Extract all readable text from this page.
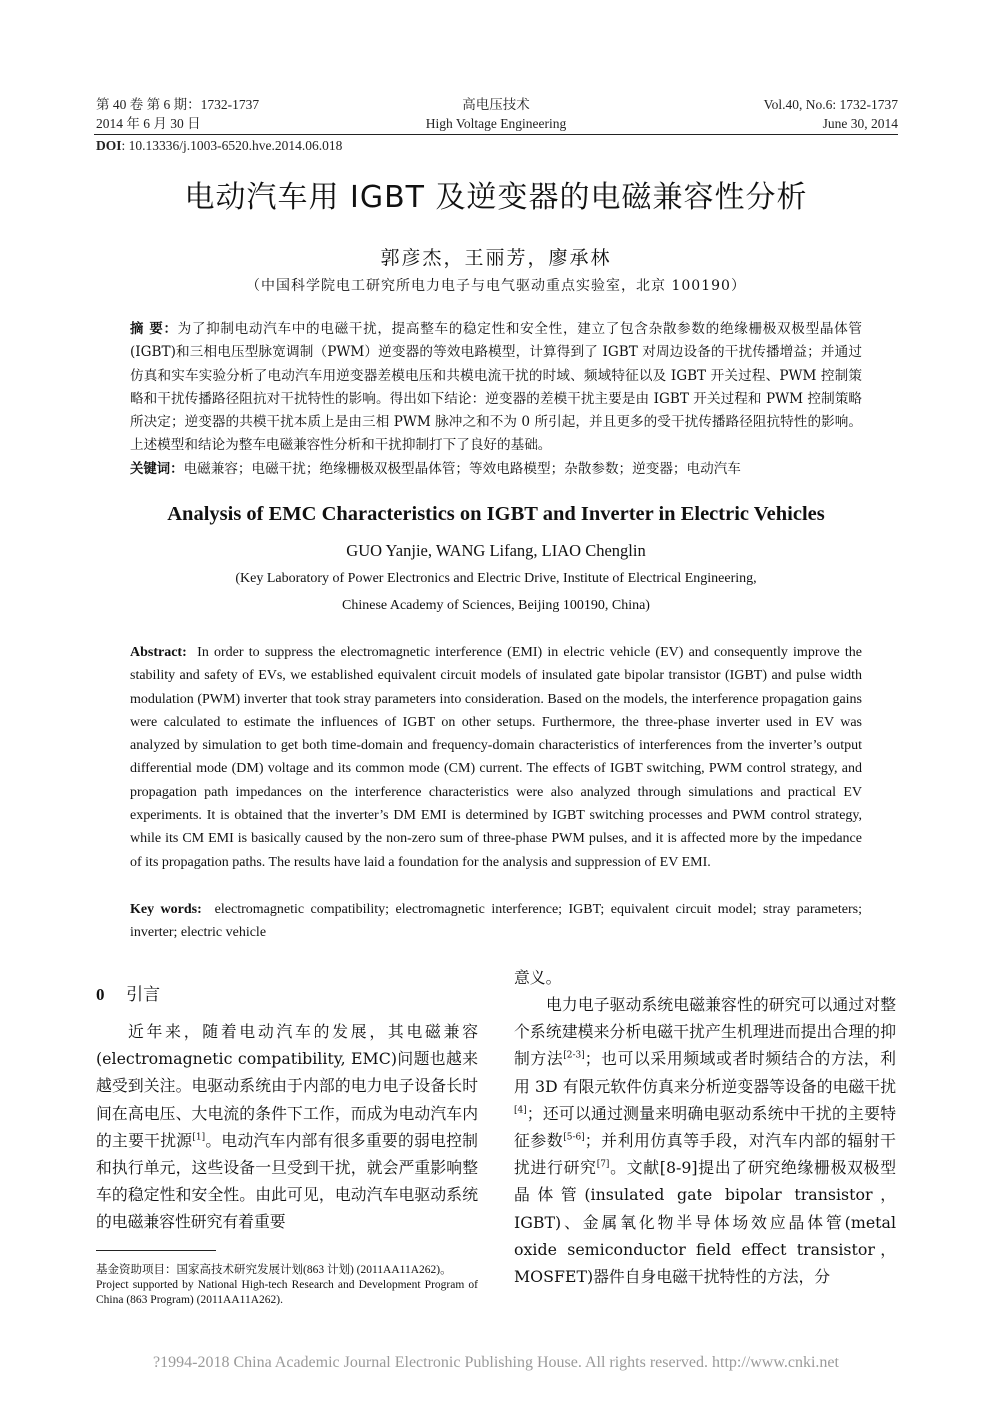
第 40 卷 第 6 期：1732-1737
2014 年 6 月 30 日
高电压技术
High Voltage Engineering
Vol.40, No.6: 1732-1737
June 30, 2014
DOI: 10.13336/j.1003-6520.hve.2014.06.018
电动汽车用 IGBT 及逆变器的电磁兼容性分析
郭彦杰，王丽芳，廖承林
（中国科学院电工研究所电力电子与电气驱动重点实验室，北京 100190）
摘 要：为了抑制电动汽车中的电磁干扰，提高整车的稳定性和安全性，建立了包含杂散参数的绝缘栅极双极型晶体管(IGBT)和三相电压型脉宽调制（PWM）逆变器的等效电路模型，计算得到了 IGBT 对周边设备的干扰传播增益；并通过仿真和实车实验分析了电动汽车用逆变器差模电压和共模电流干扰的时域、频域特征以及 IGBT 开关过程、PWM 控制策略和干扰传播路径阻抗对干扰特性的影响。得出如下结论：逆变器的差模干扰主要是由 IGBT 开关过程和 PWM 控制策略所决定；逆变器的共模干扰本质上是由三相 PWM 脉冲之和不为 0 所引起，并且更多的受干扰传播路径阻抗特性的影响。上述模型和结论为整车电磁兼容性分析和干扰抑制打下了良好的基础。
关键词：电磁兼容；电磁干扰；绝缘栅极双极型晶体管；等效电路模型；杂散参数；逆变器；电动汽车
Analysis of EMC Characteristics on IGBT and Inverter in Electric Vehicles
GUO Yanjie, WANG Lifang, LIAO Chenglin
(Key Laboratory of Power Electronics and Electric Drive, Institute of Electrical Engineering,
Chinese Academy of Sciences, Beijing 100190, China)
Abstract: In order to suppress the electromagnetic interference (EMI) in electric vehicle (EV) and consequently improve the stability and safety of EVs, we established equivalent circuit models of insulated gate bipolar transistor (IGBT) and pulse width modulation (PWM) inverter that took stray parameters into consideration. Based on the models, the interference propagation gains were calculated to estimate the influences of IGBT on other setups. Furthermore, the three-phase inverter used in EV was analyzed by simulation to get both time-domain and frequency-domain characteristics of interferences from the inverter’s output differential mode (DM) voltage and its common mode (CM) current. The effects of IGBT switching, PWM control strategy, and propagation path impedances on the interference characteristics were also analyzed through simulations and practical EV experiments. It is obtained that the inverter’s DM EMI is determined by IGBT switching processes and PWM control strategy, while its CM EMI is basically caused by the non-zero sum of three-phase PWM pulses, and it is affected more by the impedance of its propagation paths. The results have laid a foundation for the analysis and suppression of EV EMI.
Key words: electromagnetic compatibility; electromagnetic interference; IGBT; equivalent circuit model; stray parameters; inverter; electric vehicle
0 引言
近年来，随着电动汽车的发展，其电磁兼容(electromagnetic compatibility, EMC)问题也越来越受到关注。电驱动系统由于内部的电力电子设备长时间在高电压、大电流的条件下工作，而成为电动汽车内的主要干扰源[1]。电动汽车内部有很多重要的弱电控制和执行单元，这些设备一旦受到干扰，就会严重影响整车的稳定性和安全性。由此可见，电动汽车电驱动系统的电磁兼容性研究有着重要
基金资助项目：国家高技术研究发展计划(863 计划) (2011AA11A262)。
Project supported by National High-tech Research and Development Program of China (863 Program) (2011AA11A262).
意义。
电力电子驱动系统电磁兼容性的研究可以通过对整个系统建模来分析电磁干扰产生机理进而提出合理的抑制方法[2-3]；也可以采用频域或者时频结合的方法，利用 3D 有限元软件仿真来分析逆变器等设备的电磁干扰[4]；还可以通过测量来明确电驱动系统中干扰的主要特征参数[5-6]；并利用仿真等手段，对汽车内部的辐射干扰进行研究[7]。文献[8-9]提出了研究绝缘栅极双极型晶体管(insulated gate bipolar transistor，IGBT)、金属氧化物半导体场效应晶体管(metal oxide semiconductor field effect transistor，MOSFET)器件自身电磁干扰特性的方法，分
?1994-2018 China Academic Journal Electronic Publishing House. All rights reserved. http://www.cnki.net
